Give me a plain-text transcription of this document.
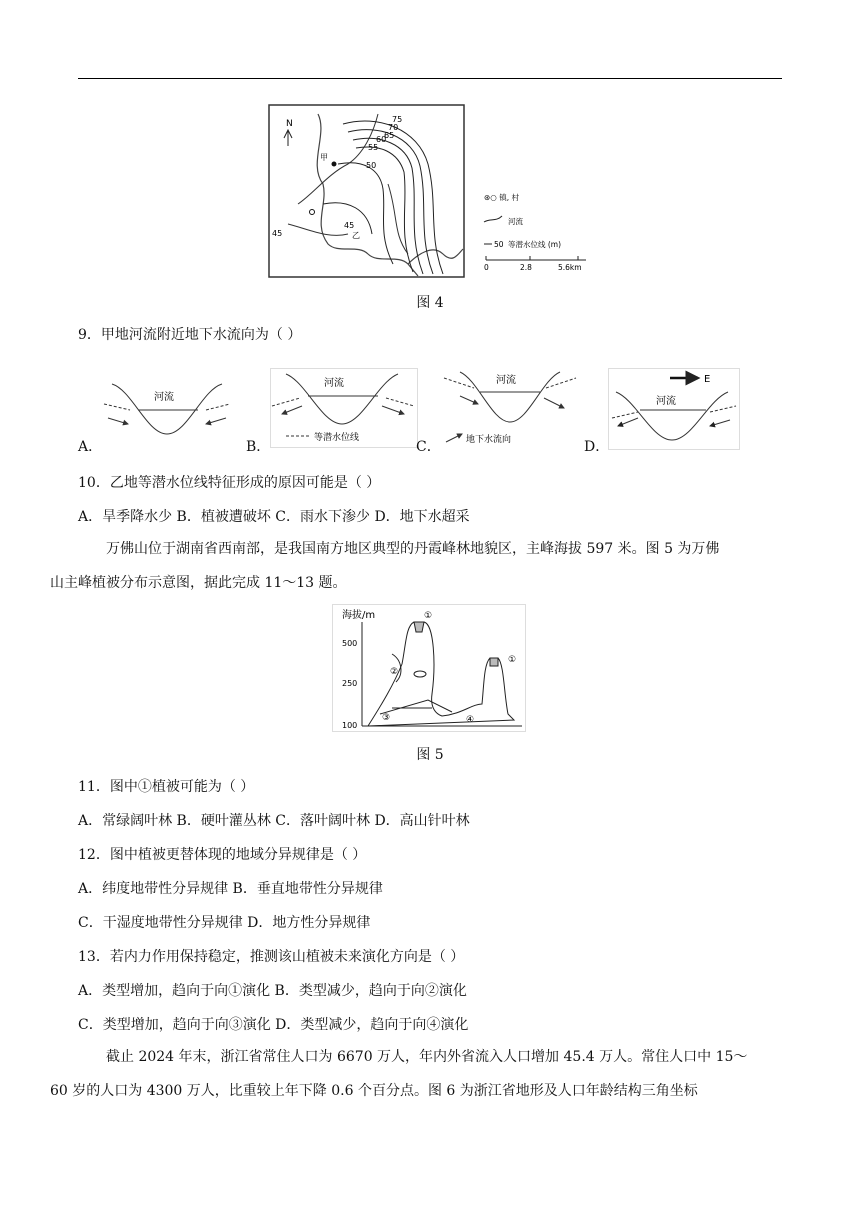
N	75
70
65
60
55
50
45
45
甲
乙
⊛○ 镇, 村
河流
50 等潜水位线 (m)
0	2.8	5.6km
图 4
9．甲地河流附近地下水流向为（ ）
A．
河流
B．
河流
等潜水位线
C．
河流
地下水流向	D．
E
河流
10．乙地等潜水位线特征形成的原因可能是（ ）
A．旱季降水少 B．植被遭破坏 C．雨水下渗少 D．地下水超采
万佛山位于湖南省西南部，是我国南方地区典型的丹霞峰林地貌区，主峰海拔 597 米。图 5 为万佛
山主峰植被分布示意图，据此完成 11～13 题。
海拔/m
500
250
100
①
①
②
③	④
图 5
11．图中①植被可能为（ ）
A．常绿阔叶林 B．硬叶灌丛林 C．落叶阔叶林 D．高山针叶林
12．图中植被更替体现的地域分异规律是（ ）
A．纬度地带性分异规律 B．垂直地带性分异规律
C．干湿度地带性分异规律 D．地方性分异规律
13．若内力作用保持稳定，推测该山植被未来演化方向是（ ）
A．类型增加，趋向于向①演化 B．类型减少，趋向于向②演化
C．类型增加，趋向于向③演化 D．类型减少，趋向于向④演化
截止 2024 年末，浙江省常住人口为 6670 万人，年内外省流入人口增加 45.4 万人。常住人口中 15～
60 岁的人口为 4300 万人，比重较上年下降 0.6 个百分点。图 6 为浙江省地形及人口年龄结构三角坐标
